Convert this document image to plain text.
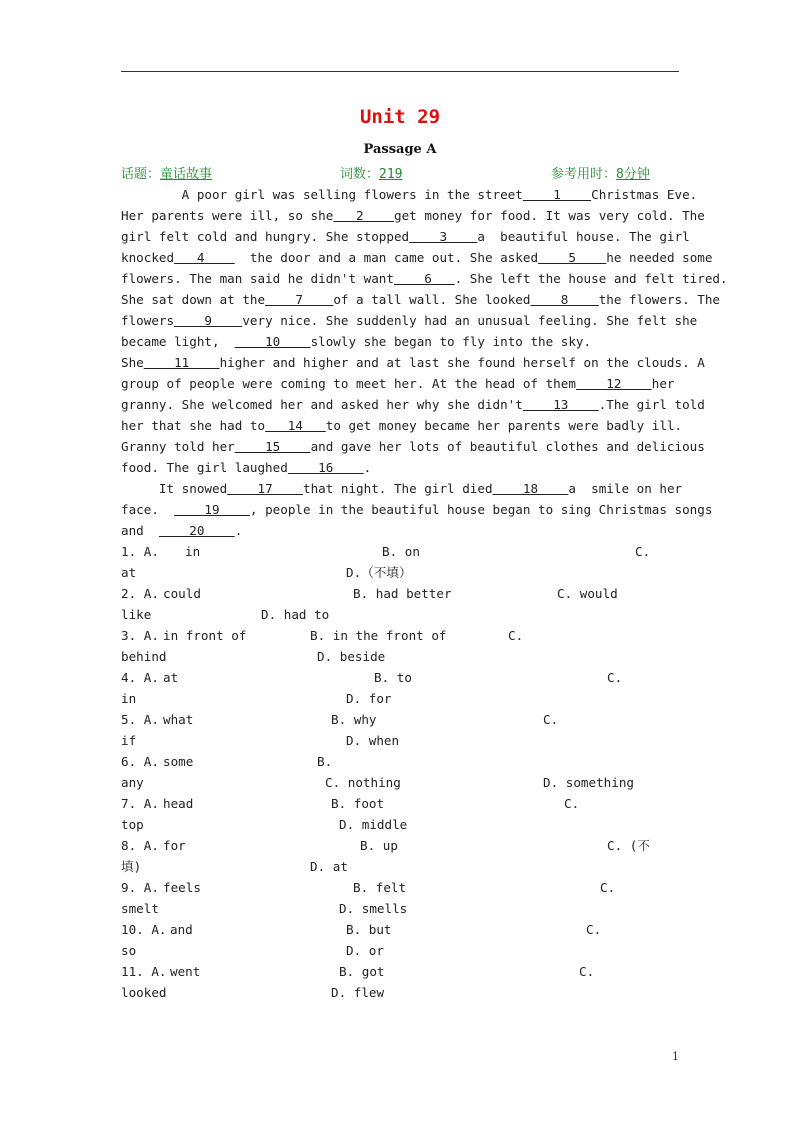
Unit 29
Passage A
话题：童话故事	词数：219	参考用时：8分钟
A poor girl was selling flowers in the street    1    Christmas Eve.
Her parents were ill, so she   2    get money for food. It was very cold. The
girl felt cold and hungry. She stopped    3    a  beautiful house. The girl
knocked   4      the door and a man came out. She asked    5    he needed some
flowers. The man said he didn't want    6   . She left the house and felt tired.
She sat down at the    7    of a tall wall. She looked    8    the flowers. The
flowers    9    very nice. She suddenly had an unusual feeling. She felt she
became light,      10    slowly she began to fly into the sky.
She    11    higher and higher and at last she found herself on the clouds. A
group of people were coming to meet her. At the head of them    12    her
granny. She welcomed her and asked her why she didn't    13    .The girl told
her that she had to   14   to get money became her parents were badly ill.
Granny told her    15    and gave her lots of beautiful clothes and delicious
food. The girl laughed    16    .
It snowed    17    that night. The girl died    18    a  smile on her
face.      19    , people in the beautiful house began to sing Christmas songs
and      20    .
1. A. in	B. on	C.
at	D.（不填）
2. A. could	B. had better	C. would
like	D. had to
3. A. in front of	B. in the front of	C.
behind	D. beside
4. A. at	B. to	C.
in	D. for
5. A. what	B. why	C.
if	D. when
6. A. some	B.
any	C. nothing	D. something
7. A. head	B. foot	C.
top	D. middle
8. A. for	B. up	C. (不
填)	D. at
9. A. feels	B. felt	C.
smelt	D. smells
10. A. and	B. but	C.
so	D. or
11. A. went	B. got	C.
looked	D. flew
1
